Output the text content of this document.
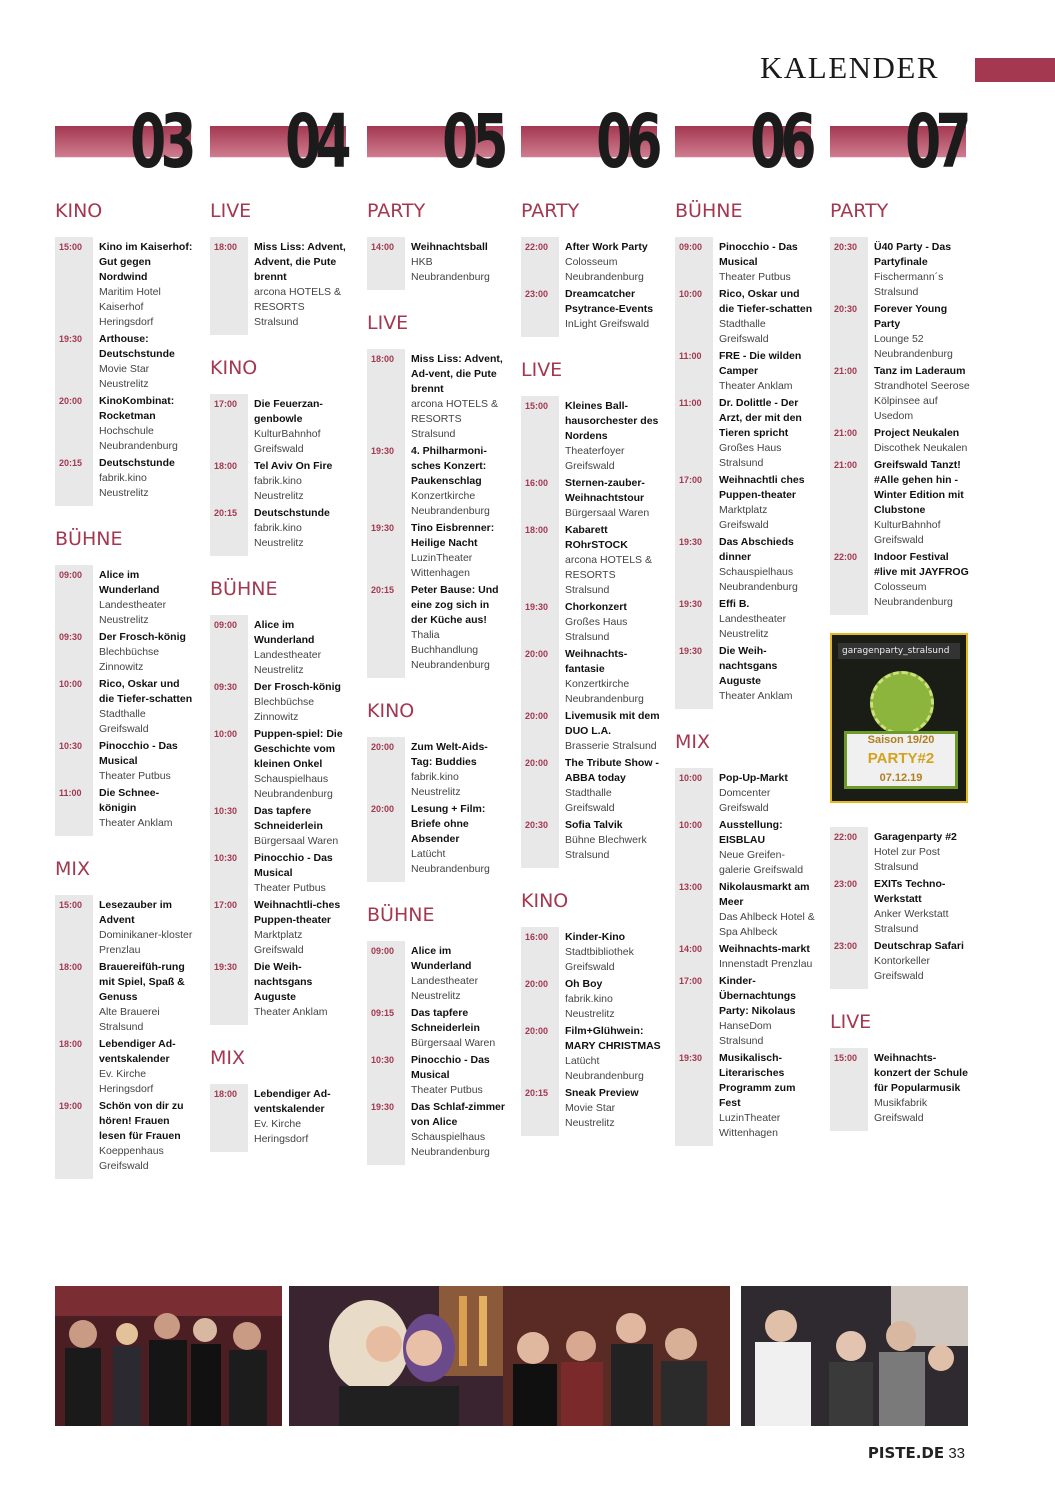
KALENDER
Dienstag 03 Mittwoch 04 Donnerstag 05 Freitag 06 Freitag 06 Samstag 07
KINO
15:00	Kino im Kaiserhof: Gut gegen Nordwind
Maritim Hotel Kaiserhof Heringsdorf
19:30	Arthouse: Deutschstunde
Movie Star Neustrelitz
20:00	KinoKombinat: Rocketman
Hochschule Neubrandenburg
20:15	Deutschstunde
fabrik.kino Neustrelitz
BÜHNE
09:00	Alice im Wunderland
Landestheater Neustrelitz
09:30	Der Frosch-könig
Blechbüchse Zinnowitz
10:00	Rico, Oskar und die Tiefer-schatten
Stadthalle Greifswald
10:30	Pinocchio - Das Musical
Theater Putbus
11:00	Die Schnee-königin
Theater Anklam
MIX
15:00	Lesezauber im Advent
Dominikaner-kloster Prenzlau
18:00	Brauereifüh-rung mit Spiel, Spaß & Genuss
Alte Brauerei Stralsund
18:00	Lebendiger Ad-ventskalender
Ev. Kirche Heringsdorf
19:00	Schön von dir zu hören! Frauen lesen für Frauen
Koeppenhaus Greifswald
LIVE
18:00	Miss Liss: Advent, Advent, die Pute brennt
arcona HOTELS & RESORTS Stralsund
KINO
17:00	Die Feuerzan-genbowle
KulturBahnhof Greifswald
18:00	Tel Aviv On Fire
fabrik.kino Neustrelitz
20:15	Deutschstunde
fabrik.kino Neustrelitz
BÜHNE
09:00	Alice im Wunderland
Landestheater Neustrelitz
09:30	Der Frosch-könig
Blechbüchse Zinnowitz
10:00	Puppen-spiel: Die Geschichte vom kleinen Onkel
Schauspielhaus Neubrandenburg
10:30	Das tapfere Schneiderlein
Bürgersaal Waren
10:30	Pinocchio - Das Musical
Theater Putbus
17:00	Weihnachtli-ches Puppen-theater
Marktplatz Greifswald
19:30	Die Weih-nachtsgans Auguste
Theater Anklam
MIX
18:00	Lebendiger Ad-ventskalender
Ev. Kirche Heringsdorf
PARTY
14:00	Weihnachtsball
HKB Neubrandenburg
LIVE
18:00	Miss Liss: Advent, Ad-vent, die Pute brennt
arcona HOTELS & RESORTS Stralsund
19:30	4. Philharmoni-sches Konzert: Paukenschlag
Konzertkirche Neubrandenburg
19:30	Tino Eisbrenner: Heilige Nacht
LuzinTheater Wittenhagen
20:15	Peter Bause: Und eine zog sich in der Küche aus!
Thalia Buchhandlung Neubrandenburg
KINO
20:00	Zum Welt-Aids-Tag: Buddies
fabrik.kino Neustrelitz
20:00	Lesung + Film: Briefe ohne Absender
Latücht Neubrandenburg
BÜHNE
09:00	Alice im Wunderland
Landestheater Neustrelitz
09:15	Das tapfere Schneiderlein
Bürgersaal Waren
10:30	Pinocchio - Das Musical
Theater Putbus
19:30	Das Schlaf-zimmer von Alice
Schauspielhaus Neubrandenburg
PARTY
22:00	After Work Party
Colosseum Neubrandenburg
23:00	Dreamcatcher Psytrance-Events
InLight Greifswald
LIVE
15:00	Kleines Ball-hausorchester des Nordens
Theaterfoyer Greifswald
16:00	Sternen-zauber-Weihnachtstour
Bürgersaal Waren
18:00	Kabarett ROhrSTOCK
arcona HOTELS & RESORTS Stralsund
19:30	Chorkonzert
Großes Haus Stralsund
20:00	Weihnachts-fantasie
Konzertkirche Neubrandenburg
20:00	Livemusik mit dem DUO L.A.
Brasserie Stralsund
20:00	The Tribute Show - ABBA today
Stadthalle Greifswald
20:30	Sofia Talvik
Bühne Blechwerk Stralsund
KINO
16:00	Kinder-Kino
Stadtbibliothek Greifswald
20:00	Oh Boy
fabrik.kino Neustrelitz
20:00	Film+Glühwein: MARY CHRISTMAS
Latücht Neubrandenburg
20:15	Sneak Preview
Movie Star Neustrelitz
BÜHNE
09:00	Pinocchio - Das Musical
Theater Putbus
10:00	Rico, Oskar und die Tiefer-schatten
Stadthalle Greifswald
11:00	FRE - Die wilden Camper
Theater Anklam
11:00	Dr. Dolittle - Der Arzt, der mit den Tieren spricht
Großes Haus Stralsund
17:00	Weihnachtli ches Puppen-theater
Marktplatz Greifswald
19:30	Das Abschieds dinner
Schauspielhaus Neubrandenburg
19:30	Effi B.
Landestheater Neustrelitz
19:30	Die Weih-nachtsgans Auguste
Theater Anklam
MIX
10:00	Pop-Up-Markt
Domcenter Greifswald
10:00	Ausstellung: EISBLAU
Neue Greifen-galerie Greifswald
13:00	Nikolausmarkt am Meer
Das Ahlbeck Hotel & Spa Ahlbeck
14:00	Weihnachts-markt
Innenstadt Prenzlau
17:00	Kinder-Übernachtungs Party: Nikolaus
HanseDom Stralsund
19:30	Musikalisch-Literarisches Programm zum Fest
LuzinTheater Wittenhagen
PARTY
20:30	Ü40 Party - Das Partyfinale
Fischermann´s Stralsund
20:30	Forever Young Party
Lounge 52 Neubrandenburg
21:00	Tanz im Laderaum
Strandhotel Seerose Kölpinsee auf Usedom
21:00	Project Neukalen
Discothek Neukalen
21:00	Greifswald Tanzt! #Alle gehen hin - Winter Edition mit Clubstone
KulturBahnhof Greifswald
22:00	Indoor Festival #live mit JAYFROG
Colosseum Neubrandenburg
garagenparty_stralsund
Saison 19/20
PARTY#2
07.12.19
22:00	Garagenparty #2
Hotel zur Post Stralsund
23:00	EXITs Techno-Werkstatt
Anker Werkstatt Stralsund
23:00	Deutschrap Safari
Kontorkeller Greifswald
LIVE
15:00	Weihnachts-konzert der Schule für Popularmusik
Musikfabrik Greifswald
PISTE.DE 33
